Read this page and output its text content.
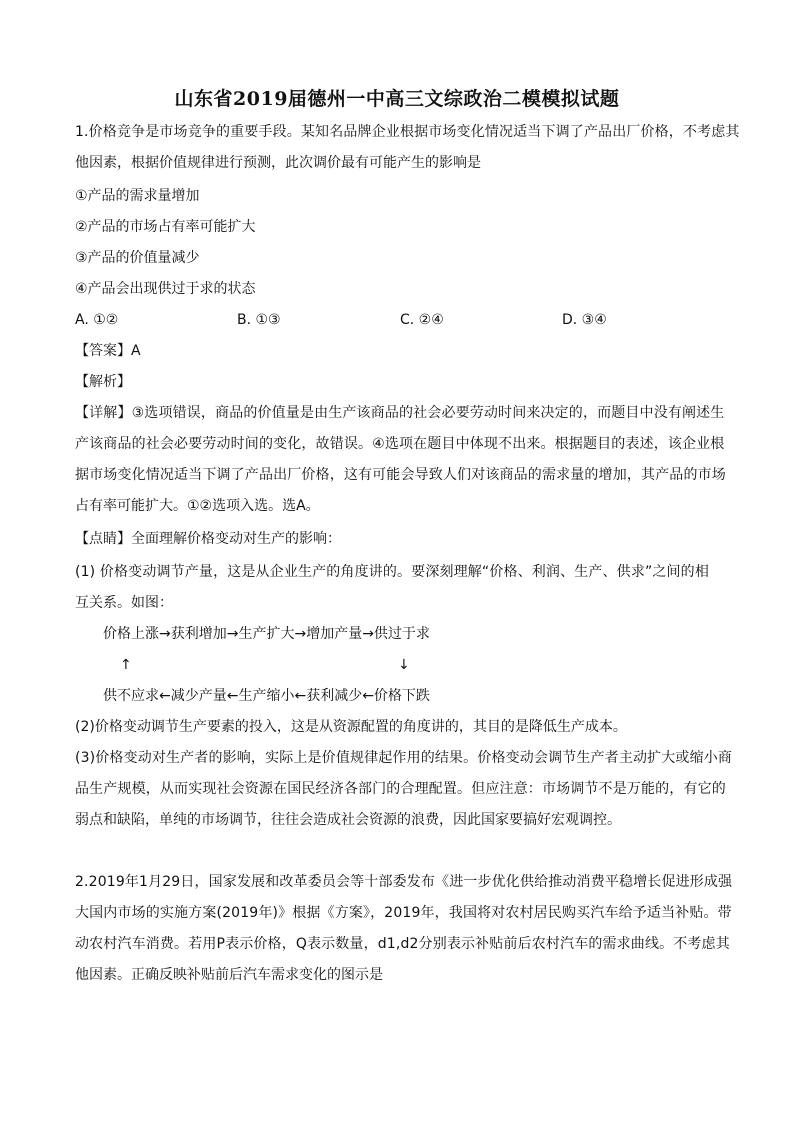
山东省2019届德州一中高三文综政治二模模拟试题
1.价格竞争是市场竞争的重要手段。某知名品牌企业根据市场变化情况适当下调了产品出厂价格，不考虑其
他因素，根据价值规律进行预测，此次调价最有可能产生的影响是
①产品的需求量增加
②产品的市场占有率可能扩大
③产品的价值量减少
④产品会出现供过于求的状态
A. ①②	B. ①③	C. ②④	D. ③④
【答案】A
【解析】
【详解】③选项错误，商品的价值量是由生产该商品的社会必要劳动时间来决定的，而题目中没有阐述生
产该商品的社会必要劳动时间的变化，故错误。④选项在题目中体现不出来。根据题目的表述，该企业根
据市场变化情况适当下调了产品出厂价格，这有可能会导致人们对该商品的需求量的增加，其产品的市场
占有率可能扩大。①②选项入选。选A。
【点睛】全面理解价格变动对生产的影响：
(1) 价格变动调节产量，这是从企业生产的角度讲的。要深刻理解“价格、利润、生产、供求”之间的相
互关系。如图：
价格上涨→获利增加→生产扩大→增加产量→供过于求
↑	↓
供不应求←减少产量←生产缩小←获利减少←价格下跌
(2)价格变动调节生产要素的投入，这是从资源配置的角度讲的，其目的是降低生产成本。
(3)价格变动对生产者的影响，实际上是价值规律起作用的结果。价格变动会调节生产者主动扩大或缩小商
品生产规模，从而实现社会资源在国民经济各部门的合理配置。但应注意：市场调节不是万能的，有它的
弱点和缺陷，单纯的市场调节，往往会造成社会资源的浪费，因此国家要搞好宏观调控。
2.2019年1月29日，国家发展和改革委员会等十部委发布《进一步优化供给推动消费平稳增长促进形成强
大国内市场的实施方案(2019年)》根据《方案》，2019年，我国将对农村居民购买汽车给予适当补贴。带
动农村汽车消费。若用P表示价格，Q表示数量，d1,d2分别表示补贴前后农村汽车的需求曲线。不考虑其
他因素。正确反映补贴前后汽车需求变化的图示是
